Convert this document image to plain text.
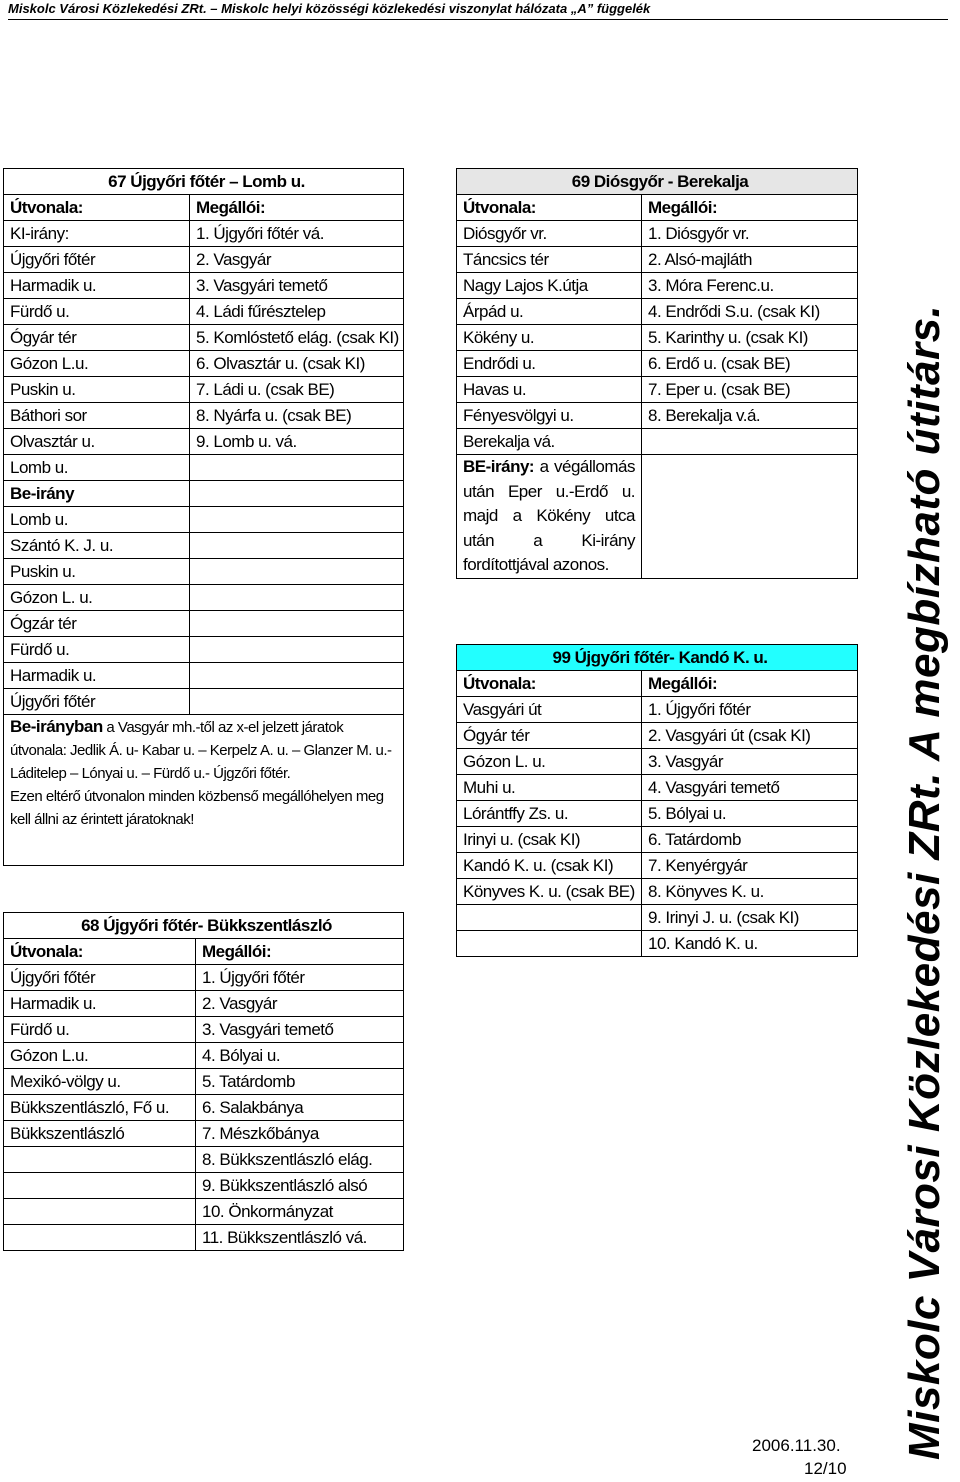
Miskolc Városi Közlekedési ZRt. – Miskolc helyi közösségi közlekedési viszonylat hálózata „A” függelék
67 Újgyőri főtér – Lomb u.	
Útvonala:	Megállói:
KI-irány:	1. Újgyőri főtér vá.
Újgyőri főtér	2. Vasgyár
Harmadik u.	3. Vasgyári temető
Fürdő u.	4. Ládi fűrésztelep
Ógyár tér	5. Komlóstető elág. (csak KI)
Gózon L.u.	6. Olvasztár u. (csak KI)
Puskin u.	7. Ládi u. (csak BE)
Báthori sor	8. Nyárfa u. (csak BE)
Olvasztár u.	9. Lomb u. vá.
Lomb u.	
Be-irány	
Lomb u.	
Szántó K. J. u.	
Puskin u.	
Gózon L. u.	
Ógzár tér	
Fürdő u.	
Harmadik u.	
Újgyőri főtér	
Be-irányban a Vasgyár mh.-től az x-el jelzett járatok útvonala: Jedlik Á. u- Kabar u. – Kerpelz A. u. – Glanzer M. u.- Láditelep – Lónyai u. – Fürdő u.- Újgzőri főtér.
Ezen eltérő útvonalon minden közbenső megállóhelyen meg kell állni az érintett járatoknak!	
68 Újgyőri főtér- Bükkszentlászló	
Útvonala:	Megállói:
Újgyőri főtér	1. Újgyőri főtér
Harmadik u.	2. Vasgyár
Fürdő u.	3. Vasgyári temető
Gózon L.u.	4. Bólyai u.
Mexikó-völgy u.	5. Tatárdomb
Bükkszentlászló, Fő u.	6. Salakbánya
Bükkszentlászló	7. Mészkőbánya
	8. Bükkszentlászló elág.
	9. Bükkszentlászló alsó
	10. Önkormányzat
	11. Bükkszentlászló vá.
69 Diósgyőr - Berekalja	
Útvonala:	Megállói:
Diósgyőr vr.	1. Diósgyőr vr.
Táncsics tér	2. Alsó-majláth
Nagy Lajos K.útja	3. Móra Ferenc.u.
Árpád u.	4. Endrődi S.u. (csak KI)
Kökény u.	5. Karinthy u. (csak KI)
Endrődi u.	6. Erdő u. (csak BE)
Havas u.	7. Eper u. (csak BE)
Fényesvölgyi u.	8. Berekalja v.á.
Berekalja vá.	
BE-irány: a végállomás után Eper u.-Erdő u. majd a Kökény utca után a Ki-irány fordítottjával azonos.	
99 Újgyőri főtér- Kandó K. u.	
Útvonala:	Megállói:
Vasgyári út	1. Újgyőri főtér
Ógyár tér	2. Vasgyári út (csak KI)
Gózon L. u.	3. Vasgyár
Muhi u.	4. Vasgyári temető
Lórántffy Zs. u.	5. Bólyai u.
Irinyi u. (csak KI)	6. Tatárdomb
Kandó K. u. (csak KI)	7. Kenyérgyár
Könyves K. u. (csak BE)	8. Könyves K. u.
	9. Irinyi J. u. (csak KI)
	10. Kandó K. u.	Miskolc Városi Közlekedési ZRt. A megbízható útitárs.
2006.11.30.
12/10
